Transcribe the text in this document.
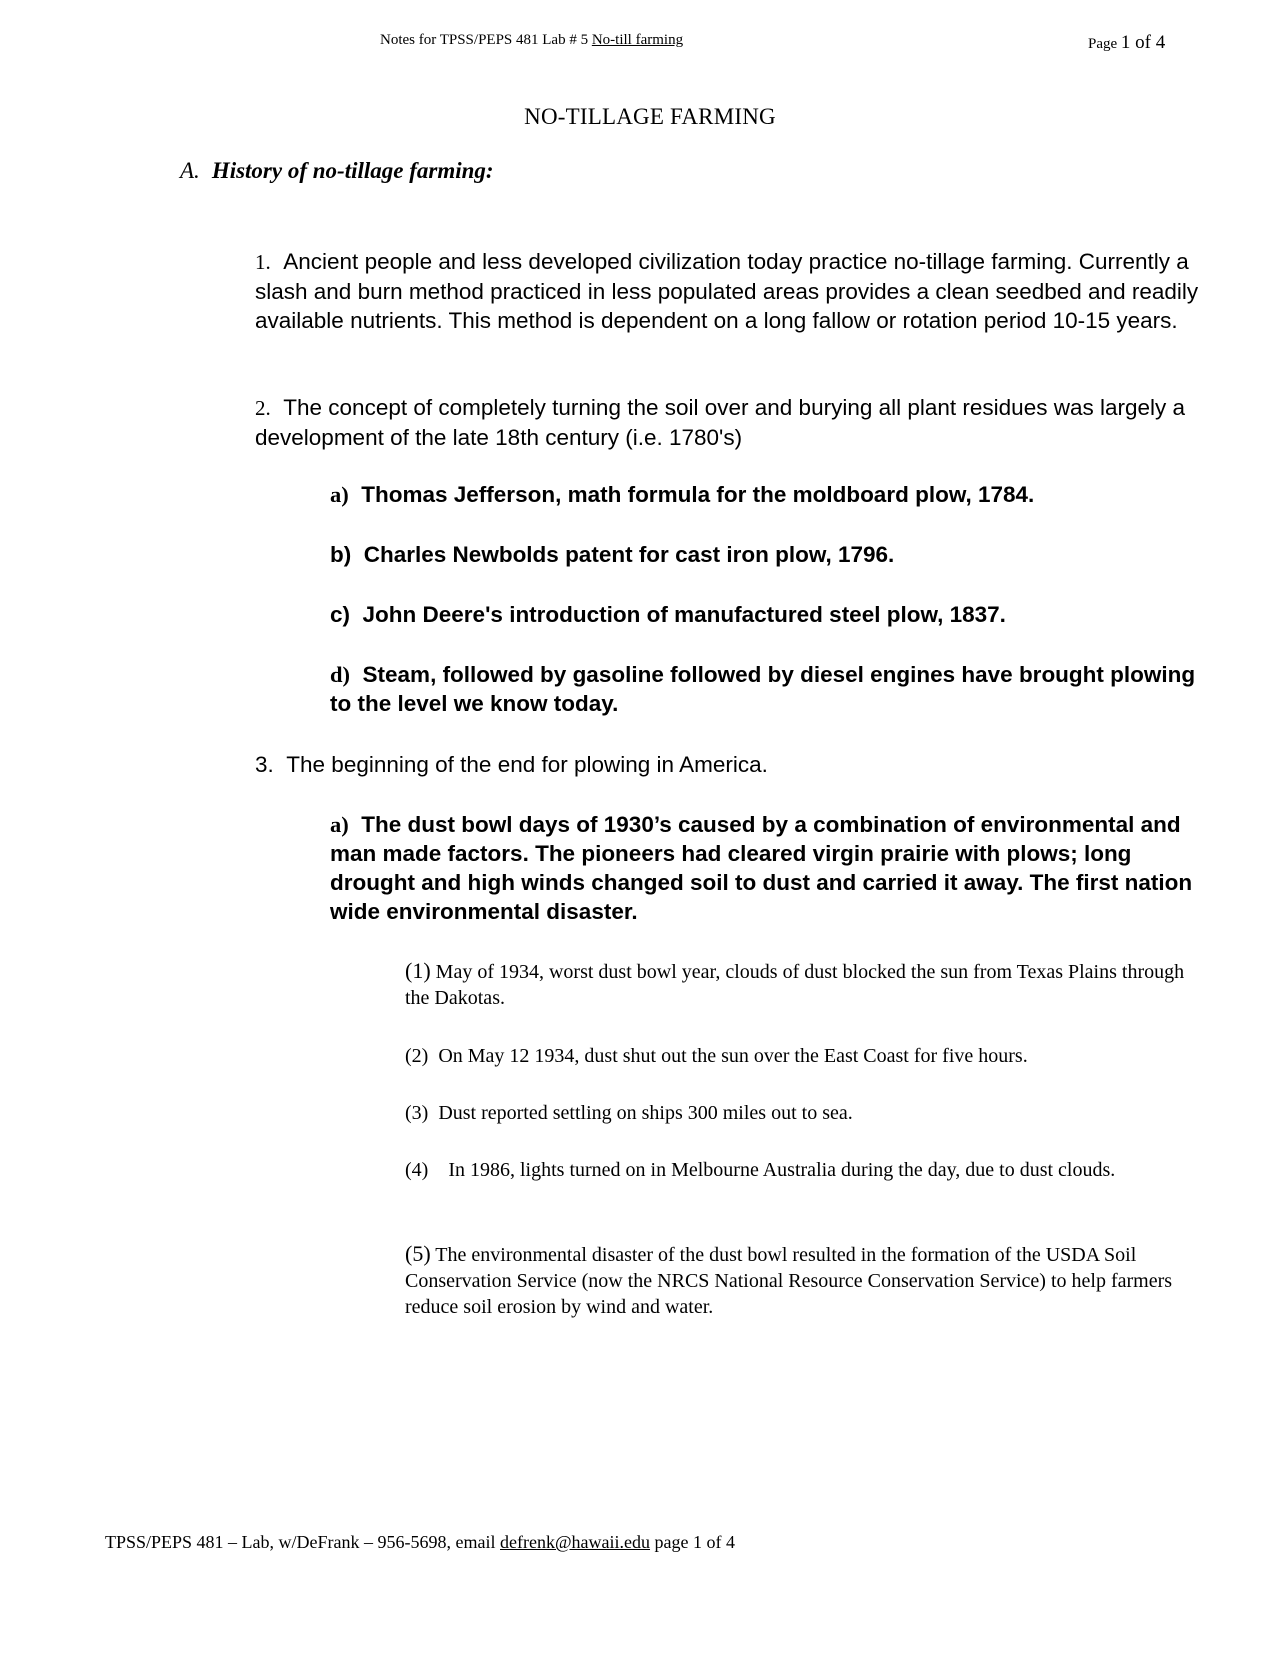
Notes for TPSS/PEPS 481 Lab # 5 No-till farming	Page 1 of 4
NO-TILLAGE FARMING
A. History of no-tillage farming:
1. Ancient people and less developed civilization today practice no-tillage farming. Currently a slash and burn method practiced in less populated areas provides a clean seedbed and readily available nutrients. This method is dependent on a long fallow or rotation period 10-15 years.
2. The concept of completely turning the soil over and burying all plant residues was largely a development of the late 18th century (i.e. 1780's)
a) Thomas Jefferson, math formula for the moldboard plow, 1784.
b) Charles Newbolds patent for cast iron plow, 1796.
c) John Deere's introduction of manufactured steel plow, 1837.
d) Steam, followed by gasoline followed by diesel engines have brought plowing to the level we know today.
3. The beginning of the end for plowing in America.
a) The dust bowl days of 1930’s caused by a combination of environmental and man made factors. The pioneers had cleared virgin prairie with plows; long drought and high winds changed soil to dust and carried it away. The first nation wide environmental disaster.
(1) May of 1934, worst dust bowl year, clouds of dust blocked the sun from Texas Plains through the Dakotas.
(2) On May 12 1934, dust shut out the sun over the East Coast for five hours.
(3) Dust reported settling on ships 300 miles out to sea.
(4) In 1986, lights turned on in Melbourne Australia during the day, due to dust clouds.
(5) The environmental disaster of the dust bowl resulted in the formation of the USDA Soil Conservation Service (now the NRCS National Resource Conservation Service) to help farmers reduce soil erosion by wind and water.
TPSS/PEPS 481 – Lab, w/DeFrank – 956-5698, email defrenk@hawaii.edu page 1 of 4
